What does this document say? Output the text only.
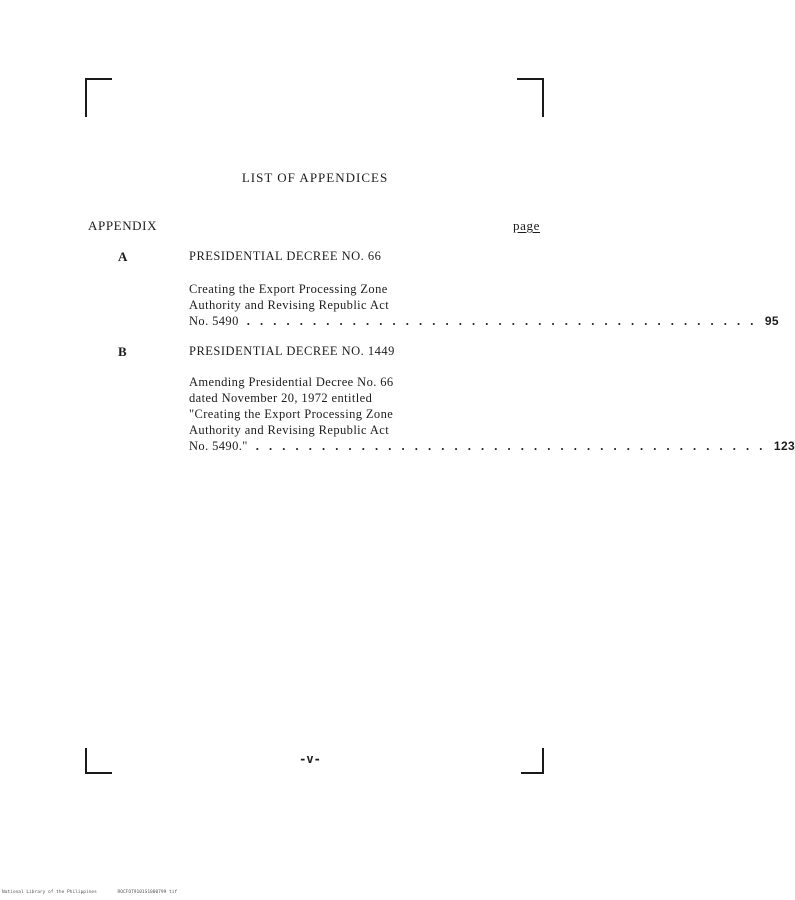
LIST OF APPENDICES
APPENDIX	page
A	PRESIDENTIAL DECREE NO. 66
Creating the Export Processing Zone
Authority and Revising Republic Act
No. 5490 . . . . . . . . . . . . . . . . . . . . . . . . . . . . . . . . . . . . . . . 95
B	PRESIDENTIAL DECREE NO. 1449
Amending Presidential Decree No. 66
dated November 20, 1972 entitled
"Creating the Export Processing Zone
Authority and Revising Republic Act
No. 5490." . . . . . . . . . . . . . . . . . . . . . . . . . . . . . . . . . . . . . . . 123
-v-
National Library of the Philippines	ROCFOT9101S1000799 tif
